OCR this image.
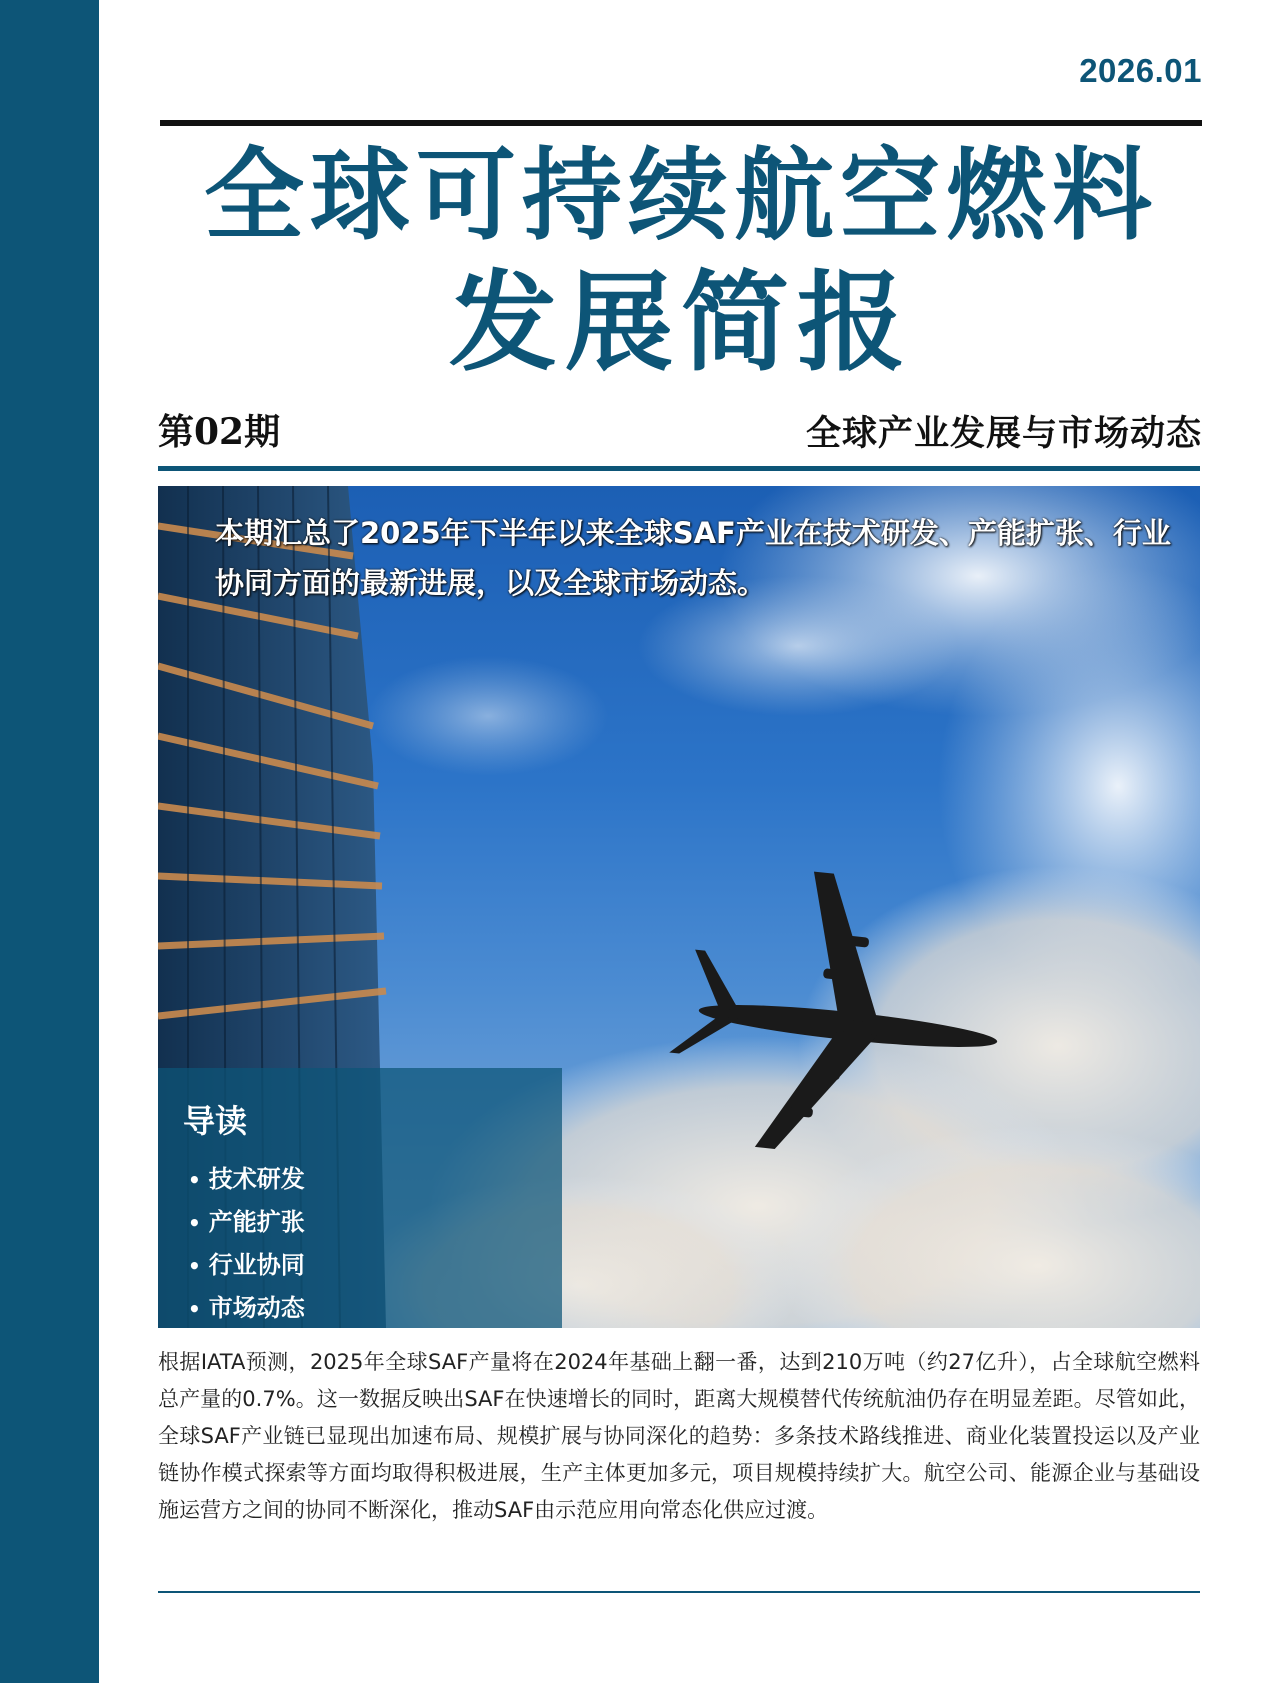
2026.01
全球可持续航空燃料
发展简报
第02期	全球产业发展与市场动态

本期汇总了2025年下半年以来全球SAF产业在技术研发、产能扩张、行业协同方面的最新进展，以及全球市场动态。

导读
• 技术研发
• 产能扩张
• 行业协同
• 市场动态

根据IATA预测，2025年全球SAF产量将在2024年基础上翻一番，达到210万吨（约27亿升），占全球航空燃料总产量的0.7%。这一数据反映出SAF在快速增长的同时，距离大规模替代传统航油仍存在明显差距。尽管如此，全球SAF产业链已显现出加速布局、规模扩展与协同深化的趋势：多条技术路线推进、商业化装置投运以及产业链协作模式探索等方面均取得积极进展，生产主体更加多元，项目规模持续扩大。航空公司、能源企业与基础设施运营方之间的协同不断深化，推动SAF由示范应用向常态化供应过渡。
